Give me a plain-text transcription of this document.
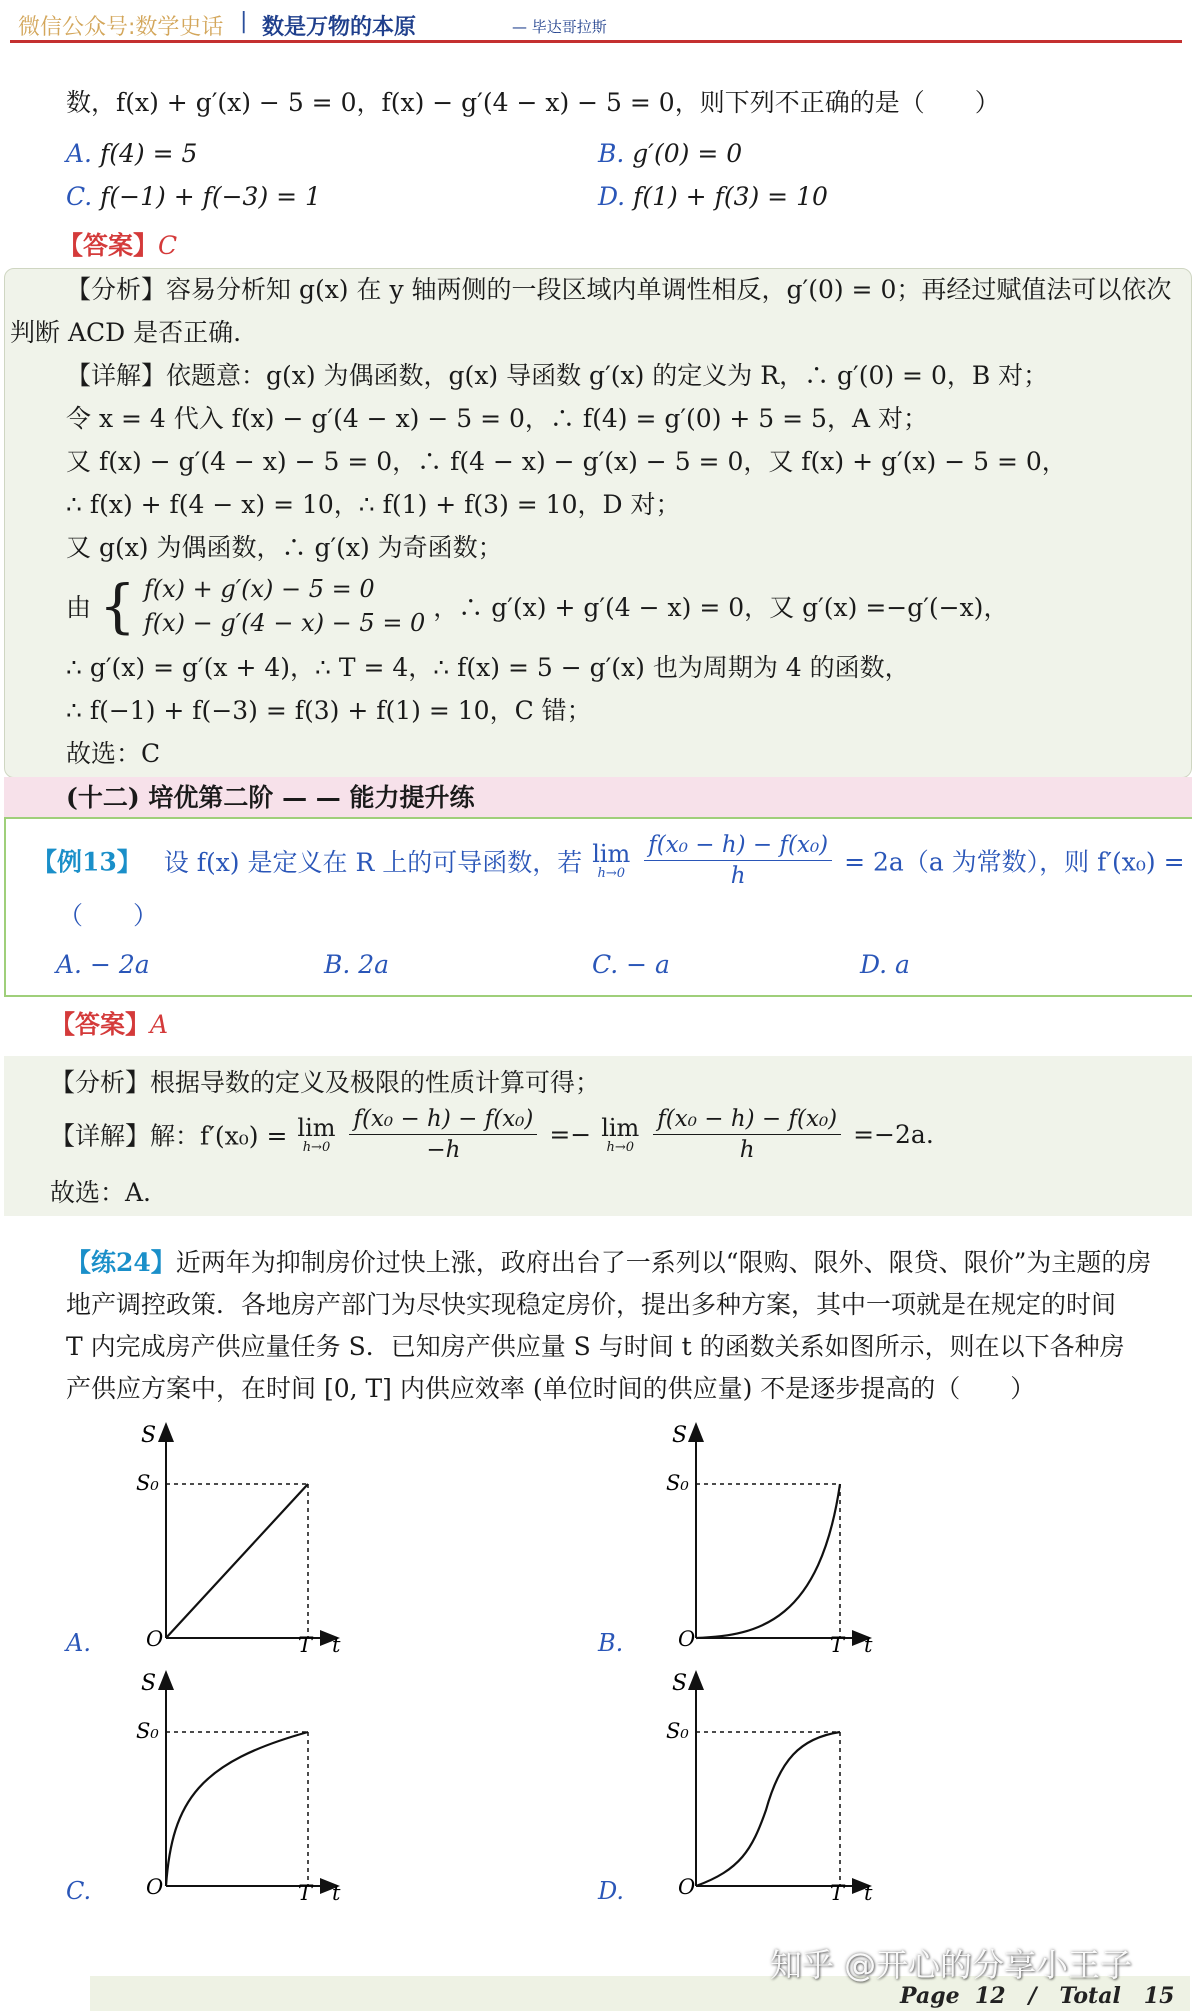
微信公众号:数学史话 | 数是万物的本原	— 毕达哥拉斯
数，f(x) + g′(x) − 5 = 0，f(x) − g′(4 − x) − 5 = 0，则下列不正确的是（　　）
A. f(4) = 5	B. g′(0) = 0
C. f(−1) + f(−3) = 1	D. f(1) + f(3) = 10
【答案】C
【分析】容易分析知 g(x) 在 y 轴两侧的一段区域内单调性相反，g′(0) = 0；再经过赋值法可以依次
判断 ACD 是否正确.
【详解】依题意：g(x) 为偶函数，g(x) 导函数 g′(x) 的定义为 R，∴ g′(0) = 0，B 对；
令 x = 4 代入 f(x) − g′(4 − x) − 5 = 0，∴ f(4) = g′(0) + 5 = 5，A 对；
又 f(x) − g′(4 − x) − 5 = 0，∴ f(4 − x) − g′(x) − 5 = 0，又 f(x) + g′(x) − 5 = 0，
∴ f(x) + f(4 − x) = 10，∴ f(1) + f(3) = 10，D 对；
又 g(x) 为偶函数，∴ g′(x) 为奇函数；
由 { f(x) + g′(x) − 5 = 0
f(x) − g′(4 − x) − 5 = 0
，∴ g′(x) + g′(4 − x) = 0，又 g′(x) =−g′(−x)，
∴ g′(x) = g′(x + 4)，∴ T = 4，∴ f(x) = 5 − g′(x) 也为周期为 4 的函数，
∴ f(−1) + f(−3) = f(3) + f(1) = 10，C 错；
故选：C
(十二) 培优第二阶 — — 能力提升练
【例13】 设 f(x) 是定义在 R 上的可导函数，若 lim
h→0
$\frac{\text{f(x₀ − h) − f(x₀)}}{h} = 2a(a$ 为常数），则 f′(x₀) =
（　　）
A. − 2a	B. 2a	C. − a	D. a
【答案】A
【分析】根据导数的定义及极限的性质计算可得；
【详解】解：f′(x₀) = lim
h→0
$\frac{\text{f(x₀ − h) − f(x₀)}}{-h} =- \lim$
h→0
$\frac{\text{f(x₀ − h) − f(x₀)}}{h} =-2a$.
故选：A.
【练24】近两年为抑制房价过快上涨，政府出台了一系列以“限购、限外、限贷、限价”为主题的房
地产调控政策．各地房产部门为尽快实现稳定房价，提出多种方案，其中一项就是在规定的时间
T 内完成房产供应量任务 S．已知房产供应量 S 与时间 t 的函数关系如图所示，则在以下各种房
产供应方案中，在时间 [0, T] 内供应效率 (单位时间的供应量) 不是逐步提高的（　　）
S
S₀
O	T t
A.
S
S₀
O	T t
B.
S
S₀
O	T t
C.
S
S₀
O	T t
D.
知乎 @开心的分享小王子
Page  12   /   Total   15
